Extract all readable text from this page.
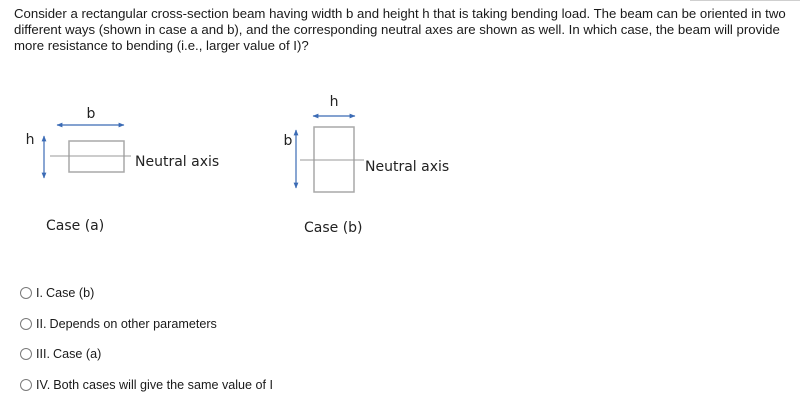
Consider a rectangular cross-section beam having width b and height h that is taking bending load. The beam can be oriented in two different ways (shown in case a and b), and the corresponding neutral axes are shown as well. In which case, the beam will provide more resistance to bending (i.e., larger value of I)?
b
h
Neutral axis
Case (a)
h
b
Neutral axis
Case (b)
I. Case (b)
II. Depends on other parameters
III. Case (a)
IV. Both cases will give the same value of I
